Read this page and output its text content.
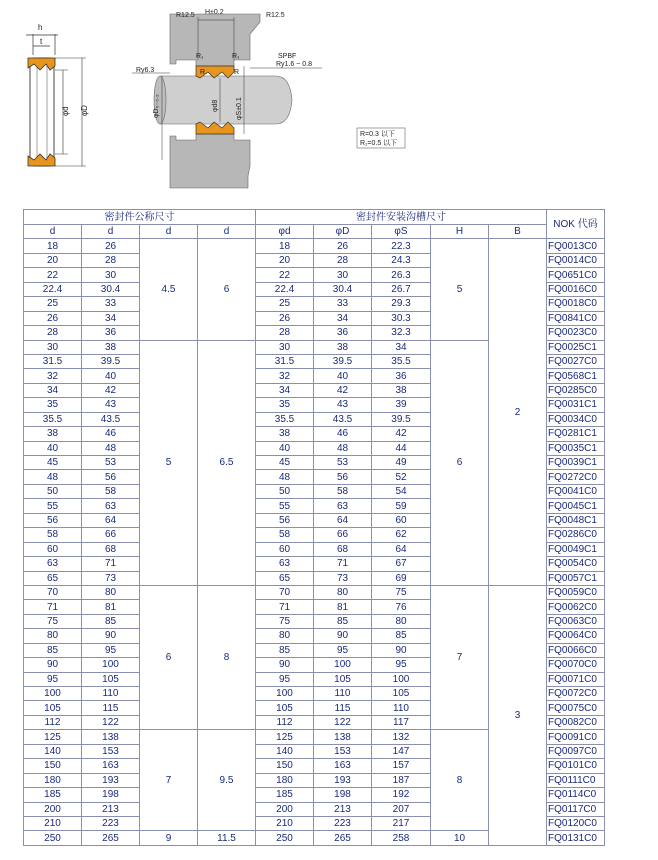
h
t
φd φD
R12.5 H±0.2	R12.5
Ry6.3
SPBF
Ry1.6 ~ 0.8
R₁	R₁
R	R
φD₀₋₀.₂	φd8 φS±0.1
R=0.3 以下
R₁=0.5 以下
密封件公称尺寸				密封件安装沟槽尺寸					NOK 代码
d	d	d	d	φd	φD	φS	H	B	
18	26	4.5	6	18	26	22.3	5	2	FQ0013C0
20	28			20	28	24.3			FQ0014C0
22	30			22	30	26.3			FQ0651C0
22.4	30.4			22.4	30.4	26.7			FQ0016C0
25	33			25	33	29.3			FQ0018C0
26	34			26	34	30.3			FQ0841C0
28	36			28	36	32.3			FQ0023C0
30	38	5	6.5	30	38	34	6		FQ0025C1
31.5	39.5			31.5	39.5	35.5			FQ0027C0
32	40			32	40	36			FQ0568C1
34	42			34	42	38			FQ0285C0
35	43			35	43	39			FQ0031C1
35.5	43.5			35.5	43.5	39.5			FQ0034C0
38	46			38	46	42			FQ0281C1
40	48			40	48	44			FQ0035C1
45	53			45	53	49			FQ0039C1
48	56			48	56	52			FQ0272C0
50	58			50	58	54			FQ0041C0
55	63			55	63	59			FQ0045C1
56	64			56	64	60			FQ0048C1
58	66			58	66	62			FQ0286C0
60	68			60	68	64			FQ0049C1
63	71			63	71	67			FQ0054C0
65	73			65	73	69			FQ0057C1
70	80	6	8	70	80	75	7	3	FQ0059C0
71	81			71	81	76			FQ0062C0
75	85			75	85	80			FQ0063C0
80	90			80	90	85			FQ0064C0
85	95			85	95	90			FQ0066C0
90	100			90	100	95			FQ0070C0
95	105			95	105	100			FQ0071C0
100	110			100	110	105			FQ0072C0
105	115			105	115	110			FQ0075C0
112	122			112	122	117			FQ0082C0
125	138	7	9.5	125	138	132	8		FQ0091C0
140	153			140	153	147			FQ0097C0
150	163			150	163	157			FQ0101C0
180	193			180	193	187			FQ0111C0
185	198			185	198	192			FQ0114C0
200	213			200	213	207			FQ0117C0
210	223			210	223	217			FQ0120C0
250	265	9	11.5	250	265	258	10		FQ0131C0
